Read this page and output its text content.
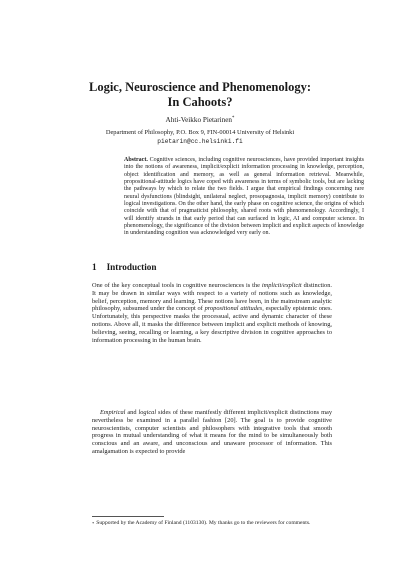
Logic, Neuroscience and Phenomenology:
In Cahoots?
Ahti-Veikko Pietarinen*
Department of Philosophy, P.O. Box 9, FIN-00014 University of Helsinki
pietarin@cc.helsinki.fi
Abstract. Cognitive sciences, including cognitive neurosciences, have provided important insights into the notions of awareness, implicit/explicit information processing in knowledge, perception, object identification and memory, as well as general information retrieval. Meanwhile, propositional-attitude logics have coped with awareness in terms of symbolic tools, but are lacking the pathways by which to relate the two fields. I argue that empirical findings concerning rare neural dysfunctions (blindsight, unilateral neglect, prosopagnosia, implicit memory) contribute to logical investigations. On the other hand, the early phase on cognitive science, the origins of which coincide with that of pragmaticist philosophy, shared roots with phenomenology. Accordingly, I will identify strands in that early period that can surfaced in logic, AI and computer science. In phenomenology, the significance of the division between implicit and explicit aspects of knowledge in understanding cognition was acknowledged very early on.
1 Introduction
One of the key conceptual tools in cognitive neurosciences is the implicit/explicit distinction. It may be drawn in similar ways with respect to a variety of notions such as knowledge, belief, perception, memory and learning. These notions have been, in the mainstream analytic philosophy, subsumed under the concept of propositional attitudes, especially epistemic ones. Unfortunately, this perspective masks the processual, active and dynamic character of these notions. Above all, it masks the difference between implicit and explicit methods of knowing, believing, seeing, recalling or learning, a key descriptive division in cognitive approaches to information processing in the human brain.
Empirical and logical sides of these manifestly different implicit/explicit distinctions may nevertheless be examined in a parallel fashion [20]. The goal is to provide cognitive neuroscientists, computer scientists and philosophers with integrative tools that smooth progress in mutual understanding of what it means for the mind to be simultaneously both conscious and an aware, and unconscious and unaware processor of information. This amalgamation is expected to provide
* Supported by the Academy of Finland (1103130). My thanks go to the reviewers for comments.
